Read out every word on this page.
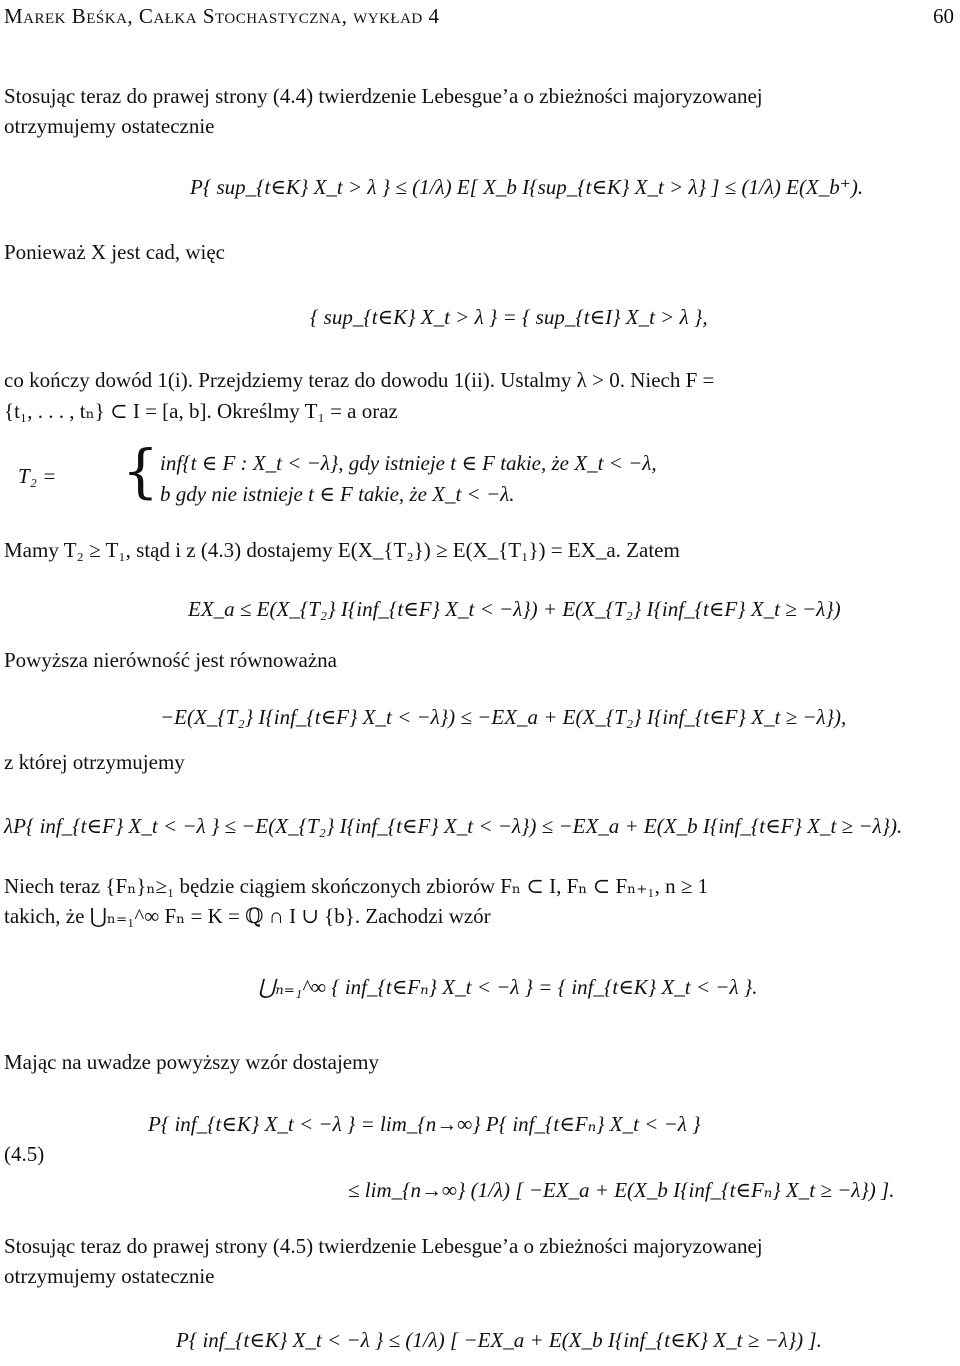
Marek Beśka, Całka Stochastyczna, wykład 4	60
Stosując teraz do prawej strony (4.4) twierdzenie Lebesgue’a o zbieżności majoryzowanej
otrzymujemy ostatecznie
P{ sup_{t∈K} X_t > λ } ≤ (1/λ) E[ X_b I{sup_{t∈K} X_t > λ} ] ≤ (1/λ) E(X_b⁺).
Ponieważ X jest cad, więc
{ sup_{t∈K} X_t > λ } = { sup_{t∈I} X_t > λ },
co kończy dowód 1(i). Przejdziemy teraz do dowodu 1(ii). Ustalmy λ > 0. Niech F =
{t₁, . . . , tₙ} ⊂ I = [a, b]. Określmy T₁ = a oraz
T₂ = { inf{t ∈ F : X_t < −λ}, gdy istnieje t ∈ F takie, że X_t < −λ,
b gdy nie istnieje t ∈ F takie, że X_t < −λ.
Mamy T₂ ≥ T₁, stąd i z (4.3) dostajemy E(X_{T₂}) ≥ E(X_{T₁}) = EX_a. Zatem
EX_a ≤ E(X_{T₂} I{inf_{t∈F} X_t < −λ}) + E(X_{T₂} I{inf_{t∈F} X_t ≥ −λ})
Powyższa nierówność jest równoważna
−E(X_{T₂} I{inf_{t∈F} X_t < −λ}) ≤ −EX_a + E(X_{T₂} I{inf_{t∈F} X_t ≥ −λ}),
z której otrzymujemy
λP{ inf_{t∈F} X_t < −λ } ≤ −E(X_{T₂} I{inf_{t∈F} X_t < −λ}) ≤ −EX_a + E(X_b I{inf_{t∈F} X_t ≥ −λ}).
Niech teraz {Fₙ}ₙ≥₁ będzie ciągiem skończonych zbiorów Fₙ ⊂ I, Fₙ ⊂ Fₙ₊₁, n ≥ 1
takich, że ⋃ₙ₌₁^∞ Fₙ = K = ℚ ∩ I ∪ {b}. Zachodzi wzór
⋃ₙ₌₁^∞ { inf_{t∈Fₙ} X_t < −λ } = { inf_{t∈K} X_t < −λ }.
Mając na uwadze powyższy wzór dostajemy
(4.5)
P{ inf_{t∈K} X_t < −λ } = lim_{n→∞} P{ inf_{t∈Fₙ} X_t < −λ }
≤ lim_{n→∞} (1/λ) [ −EX_a + E(X_b I{inf_{t∈Fₙ} X_t ≥ −λ}) ].
Stosując teraz do prawej strony (4.5) twierdzenie Lebesgue’a o zbieżności majoryzowanej
otrzymujemy ostatecznie
P{ inf_{t∈K} X_t < −λ } ≤ (1/λ) [ −EX_a + E(X_b I{inf_{t∈K} X_t ≥ −λ}) ].
